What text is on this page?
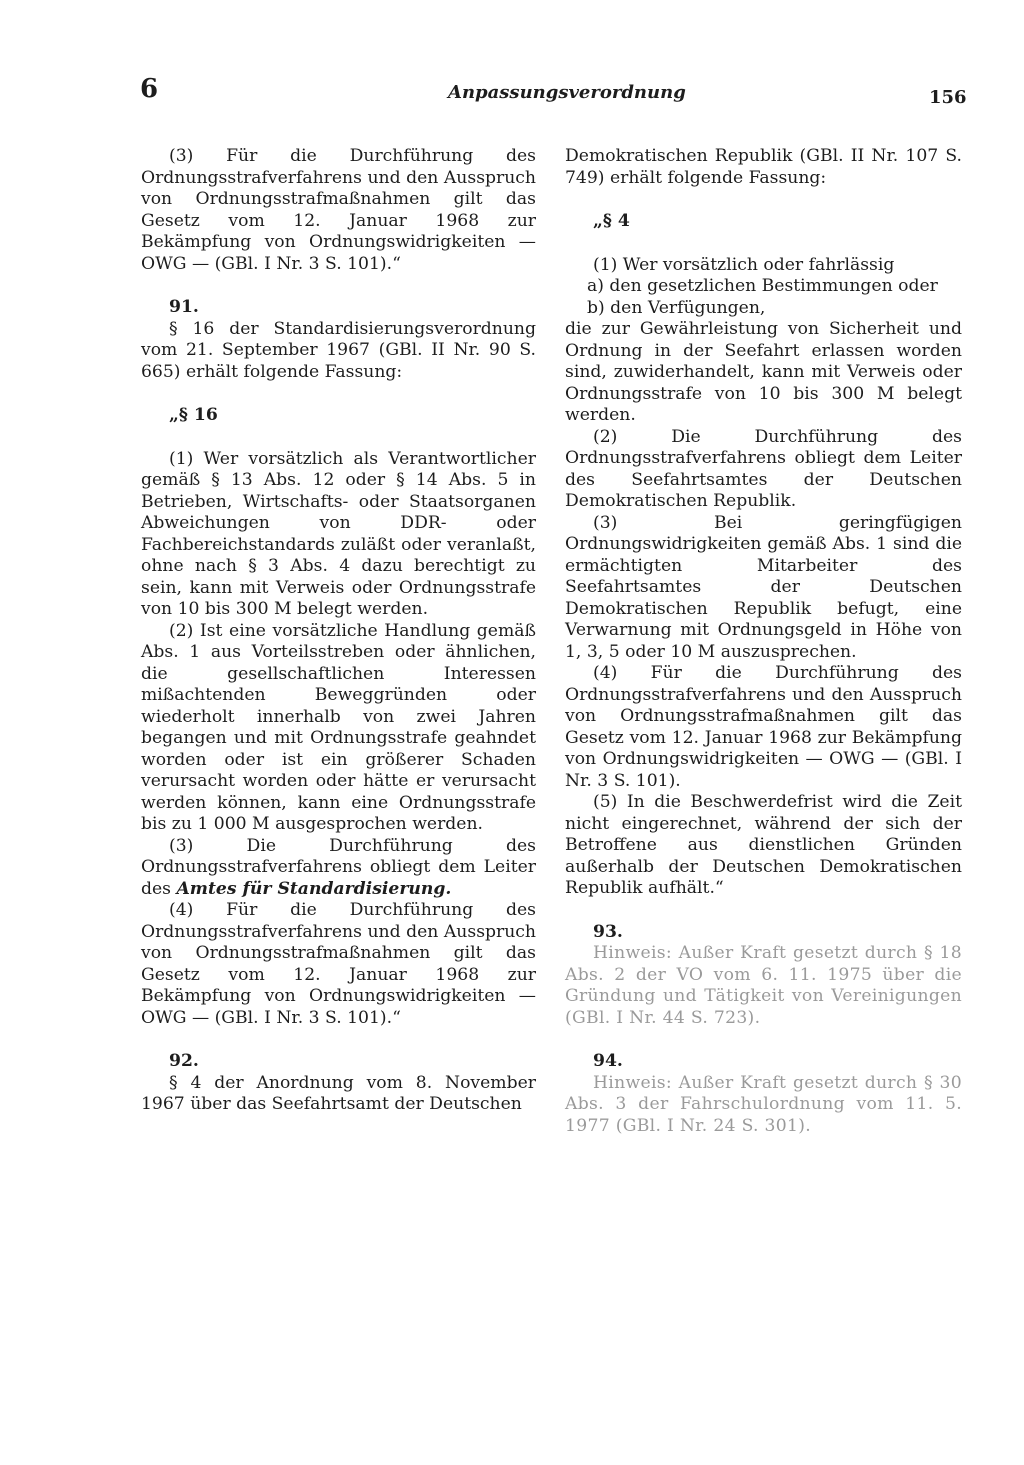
6	Anpassungsverordnung	156

(3) Für die Durchführung des Ordnungsstrafverfahrens und den Ausspruch von Ordnungsstrafmaßnahmen gilt das Gesetz vom 12. Januar 1968 zur Bekämpfung von Ordnungswidrigkeiten — OWG — (GBl. I Nr. 3 S. 101).“

91.

§ 16 der Standardisierungsverordnung vom 21. September 1967 (GBl. II Nr. 90 S. 665) erhält folgende Fassung:

„§ 16

(1) Wer vorsätzlich als Verantwortlicher gemäß § 13 Abs. 12 oder § 14 Abs. 5 in Betrieben, Wirtschafts- oder Staatsorganen Abweichungen von DDR- oder Fachbereichstandards zuläßt oder veranlaßt, ohne nach § 3 Abs. 4 dazu berechtigt zu sein, kann mit Verweis oder Ordnungsstrafe von 10 bis 300 M belegt werden.

(2) Ist eine vorsätzliche Handlung gemäß Abs. 1 aus Vorteilsstreben oder ähnlichen, die gesellschaftlichen Interessen mißachtenden Beweggründen oder wiederholt innerhalb von zwei Jahren begangen und mit Ordnungsstrafe geahndet worden oder ist ein größerer Schaden verursacht worden oder hätte er verursacht werden können, kann eine Ordnungsstrafe bis zu 1 000 M ausgesprochen werden.

(3) Die Durchführung des Ordnungsstrafverfahrens obliegt dem Leiter des Amtes für Standardisierung.

(4) Für die Durchführung des Ordnungsstrafverfahrens und den Ausspruch von Ordnungsstrafmaßnahmen gilt das Gesetz vom 12. Januar 1968 zur Bekämpfung von Ordnungswidrigkeiten — OWG — (GBl. I Nr. 3 S. 101).“

92.

§ 4 der Anordnung vom 8. November 1967 über das Seefahrtsamt der Deutschen

Demokratischen Republik (GBl. II Nr. 107 S. 749) erhält folgende Fassung:

„§ 4

(1) Wer vorsätzlich oder fahrlässig

a) den gesetzlichen Bestimmungen oder

b) den Verfügungen,

die zur Gewährleistung von Sicherheit und Ordnung in der Seefahrt erlassen worden sind, zuwiderhandelt, kann mit Verweis oder Ordnungsstrafe von 10 bis 300 M belegt werden.

(2) Die Durchführung des Ordnungsstrafverfahrens obliegt dem Leiter des Seefahrtsamtes der Deutschen Demokratischen Republik.

(3) Bei geringfügigen Ordnungswidrigkeiten gemäß Abs. 1 sind die ermächtigten Mitarbeiter des Seefahrtsamtes der Deutschen Demokratischen Republik befugt, eine Verwarnung mit Ordnungsgeld in Höhe von 1, 3, 5 oder 10 M auszusprechen.

(4) Für die Durchführung des Ordnungsstrafverfahrens und den Ausspruch von Ordnungsstrafmaßnahmen gilt das Gesetz vom 12. Januar 1968 zur Bekämpfung von Ordnungswidrigkeiten — OWG — (GBl. I Nr. 3 S. 101).

(5) In die Beschwerdefrist wird die Zeit nicht eingerechnet, während der sich der Betroffene aus dienstlichen Gründen außerhalb der Deutschen Demokratischen Republik aufhält.“

93.

Hinweis: Außer Kraft gesetzt durch § 18 Abs. 2 der VO vom 6. 11. 1975 über die Gründung und Tätigkeit von Vereinigungen (GBl. I Nr. 44 S. 723).

94.

Hinweis: Außer Kraft gesetzt durch § 30 Abs. 3 der Fahrschulordnung vom 11. 5. 1977 (GBl. I Nr. 24 S. 301).
